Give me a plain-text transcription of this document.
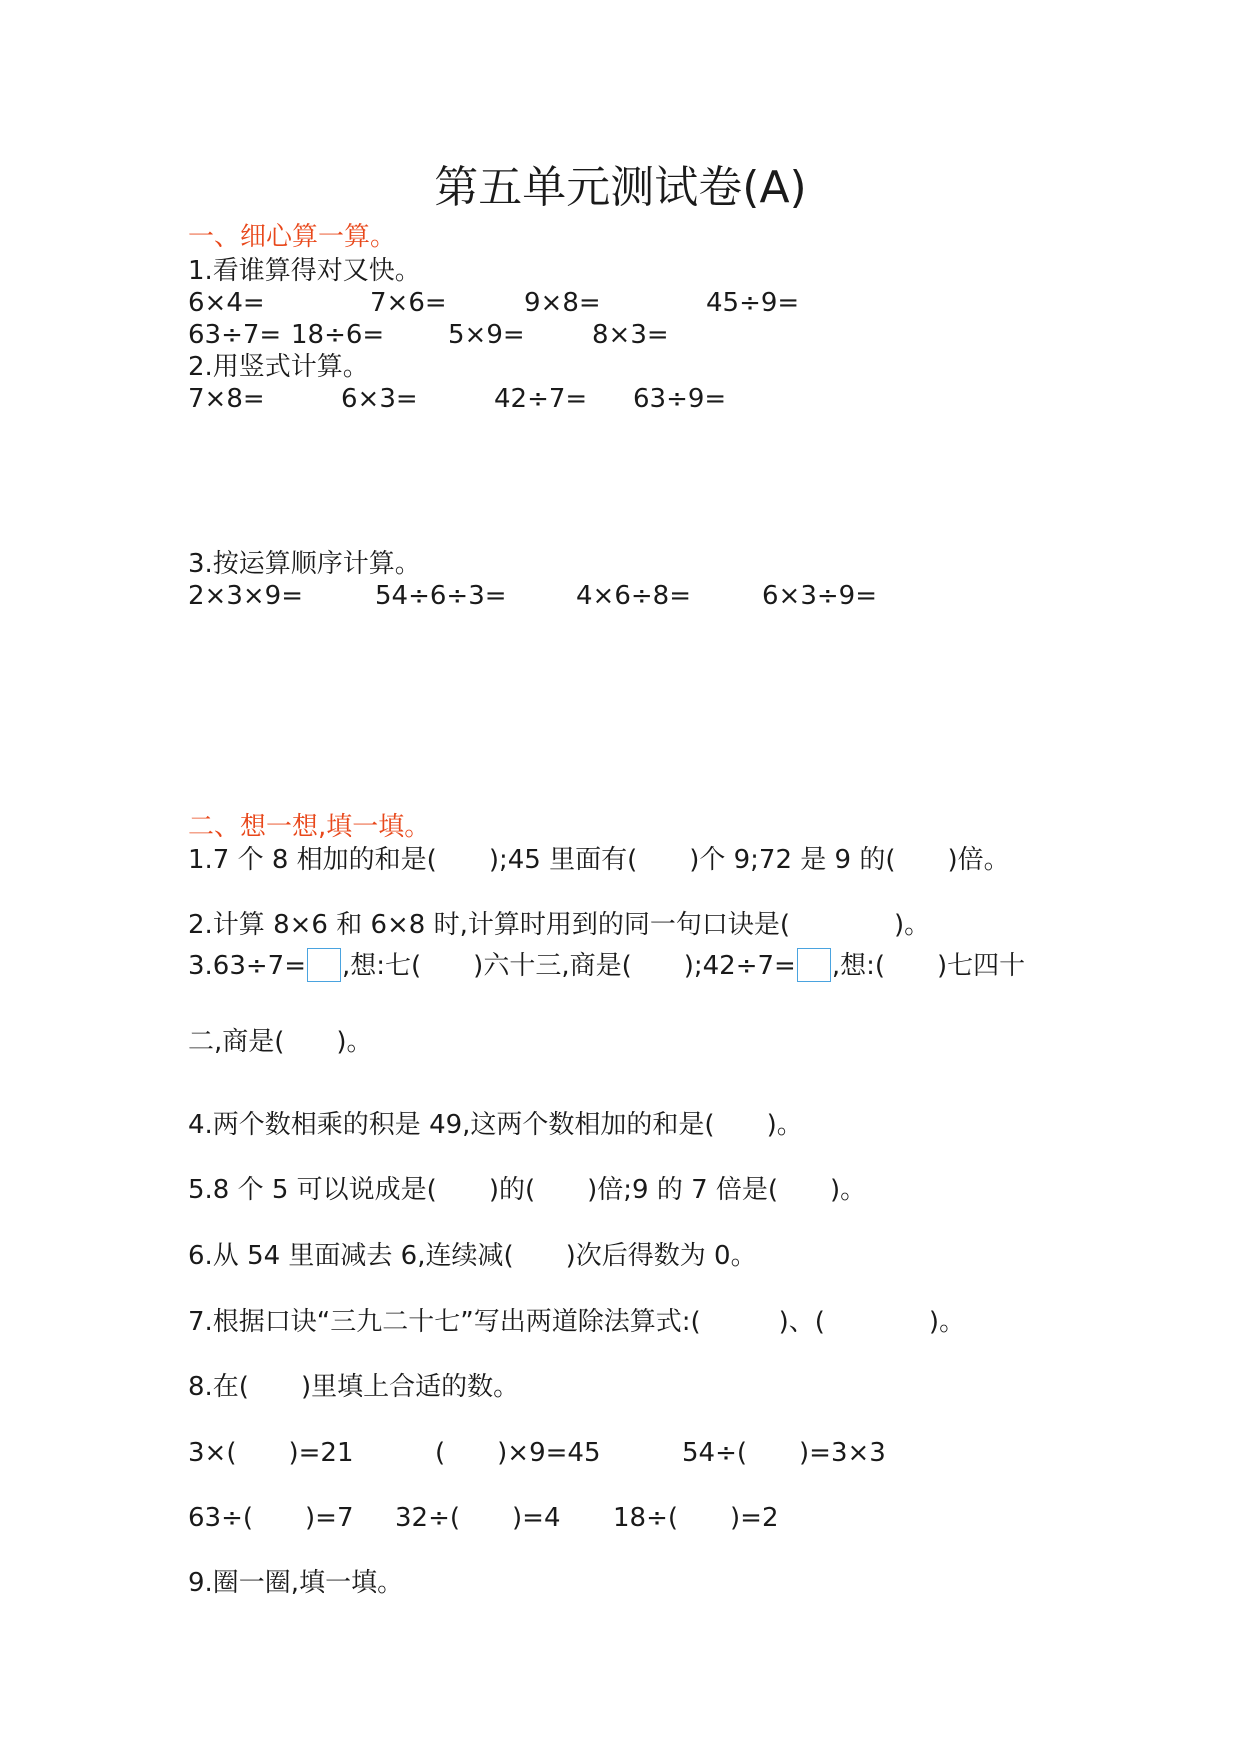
第五单元测试卷(A)
一、细心算一算。
1.看谁算得对又快。
6×4=	7×6=	9×8=	45÷9=
63÷7= 18÷6= 5×9=	8×3=
2.用竖式计算。
7×8=	6×3=	42÷7= 63÷9=
3.按运算顺序计算。
2×3×9=	54÷6÷3=	4×6÷8=	6×3÷9=
二、想一想,填一填。
1.7 个 8 相加的和是(　　);45 里面有(　　)个 9;72 是 9 的(　　)倍。
2.计算 8×6 和 6×8 时,计算时用到的同一句口诀是(　　　　)。
3.63÷7= ,想:七(　　)六十三,商是(　　);42÷7= ,想:(　　)七四十
二,商是(　　)。
4.两个数相乘的积是 49,这两个数相加的和是(　　)。
5.8 个 5 可以说成是(　　)的(　　)倍;9 的 7 倍是(　　)。
6.从 54 里面减去 6,连续减(　　)次后得数为 0。
7.根据口诀“三九二十七”写出两道除法算式:(　　　)、(　　　　)。
8.在(　　)里填上合适的数。
3×(　　)=21	(　　)×9=45	54÷(　　)=3×3
63÷(　　)=7 32÷(　　)=4 18÷(　　)=2
9.圈一圈,填一填。
